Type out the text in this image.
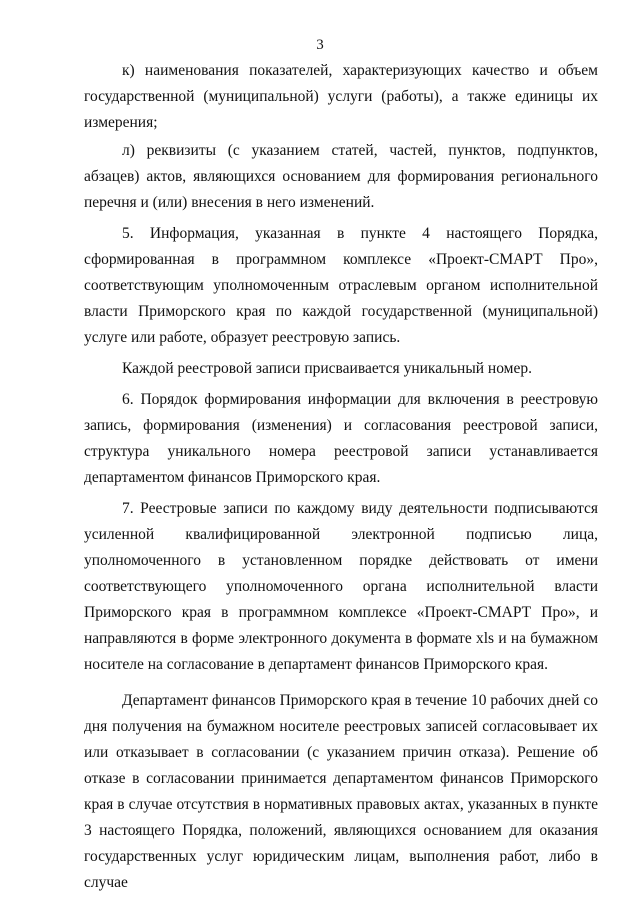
3

к) наименования показателей, характеризующих качество и объем государственной (муниципальной) услуги (работы), а также единицы их измерения;

л) реквизиты (с указанием статей, частей, пунктов, подпунктов, абзацев) актов, являющихся основанием для формирования регионального перечня и (или) внесения в него изменений.

5. Информация, указанная в пункте 4 настоящего Порядка, сформированная в программном комплексе «Проект-СМАРТ Про», соответствующим уполномоченным отраслевым органом исполнительной власти Приморского края по каждой государственной (муниципальной) услуге или работе, образует реестровую запись.

Каждой реестровой записи присваивается уникальный номер.

6. Порядок формирования информации для включения в реестровую запись, формирования (изменения) и согласования реестровой записи, структура уникального номера реестровой записи устанавливается департаментом финансов Приморского края.

7. Реестровые записи по каждому виду деятельности подписываются усиленной квалифицированной электронной подписью лица, уполномоченного в установленном порядке действовать от имени соответствующего уполномоченного органа исполнительной власти Приморского края в программном комплексе «Проект-СМАРТ Про», и направляются в форме электронного документа в формате xls и на бумажном носителе на согласование в департамент финансов Приморского края.

Департамент финансов Приморского края в течение 10 рабочих дней со дня получения на бумажном носителе реестровых записей согласовывает их или отказывает в согласовании (с указанием причин отказа). Решение об отказе в согласовании принимается департаментом финансов Приморского края в случае отсутствия в нормативных правовых актах, указанных в пункте 3 настоящего Порядка, положений, являющихся основанием для оказания государственных услуг юридическим лицам, выполнения работ, либо в случае
